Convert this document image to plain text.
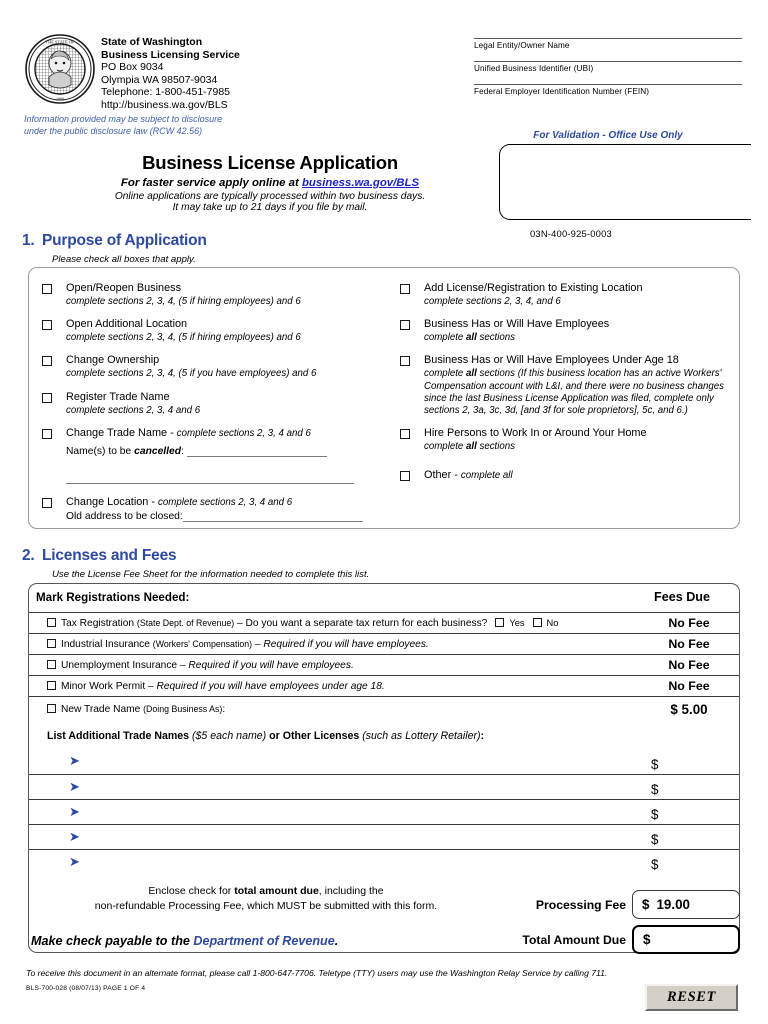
THE STATE OF
1889
State of Washington
Business Licensing Service
PO Box 9034
Olympia WA 98507-9034
Telephone: 1-800-451-7985
http://business.wa.gov/BLS
Information provided may be subject to disclosure
under the public disclosure law (RCW 42.56)
Legal Entity/Owner Name
Unified Business Identifier (UBI)
Federal Employer Identification Number (FEIN)
For Validation - Office Use Only
03N-400-925-0003
Business License Application
For faster service apply online at business.wa.gov/BLS
Online applications are typically processed within two business days.
It may take up to 21 days if you file by mail.
1. Purpose of Application
Please check all boxes that apply.
Open/Reopen Business
complete sections 2, 3, 4, (5 if hiring employees) and 6
Open Additional Location
complete sections 2, 3, 4, (5 if hiring employees) and 6
Change Ownership
complete sections 2, 3, 4, (5 if you have employees) and 6
Register Trade Name
complete sections 2, 3, 4 and 6
Change Trade Name - complete sections 2, 3, 4 and 6
Name(s) to be cancelled:
Change Location - complete sections 2, 3, 4 and 6
Old address to be closed:
Add License/Registration to Existing Location
complete sections 2, 3, 4, and 6
Business Has or Will Have Employees
complete all sections
Business Has or Will Have Employees Under Age 18
complete all sections (If this business location has an active Workers' Compensation account with L&I, and there were no business changes since the last Business License Application was filed, complete only sections 2, 3a, 3c, 3d, [and 3f for sole proprietors], 5c, and 6.)
Hire Persons to Work In or Around Your Home
complete all sections
Other - complete all
2. Licenses and Fees
Use the License Fee Sheet for the information needed to complete this list.
Mark Registrations Needed:	Fees Due
Tax Registration (State Dept. of Revenue) – Do you want a separate tax return for each business? Yes No	No Fee
Industrial Insurance (Workers' Compensation) – Required if you will have employees.	No Fee
Unemployment Insurance – Required if you will have employees.	No Fee
Minor Work Permit – Required if you will have employees under age 18.	No Fee
New Trade Name (Doing Business As):	$ 5.00
List Additional Trade Names ($5 each name) or Other Licenses (such as Lottery Retailer):
➤		$
➤		$
➤		$
➤		$
➤		$
Enclose check for total amount due, including the
non-refundable Processing Fee, which MUST be submitted with this form.
Make check payable to the Department of Revenue.
Processing Fee $ 19.00
Total Amount Due $
To receive this document in an alternate format, please call 1-800-647-7706. Teletype (TTY) users may use the Washington Relay Service by calling 711.
BLS-700-028 (08/07/13) PAGE 1 OF 4
RESET
